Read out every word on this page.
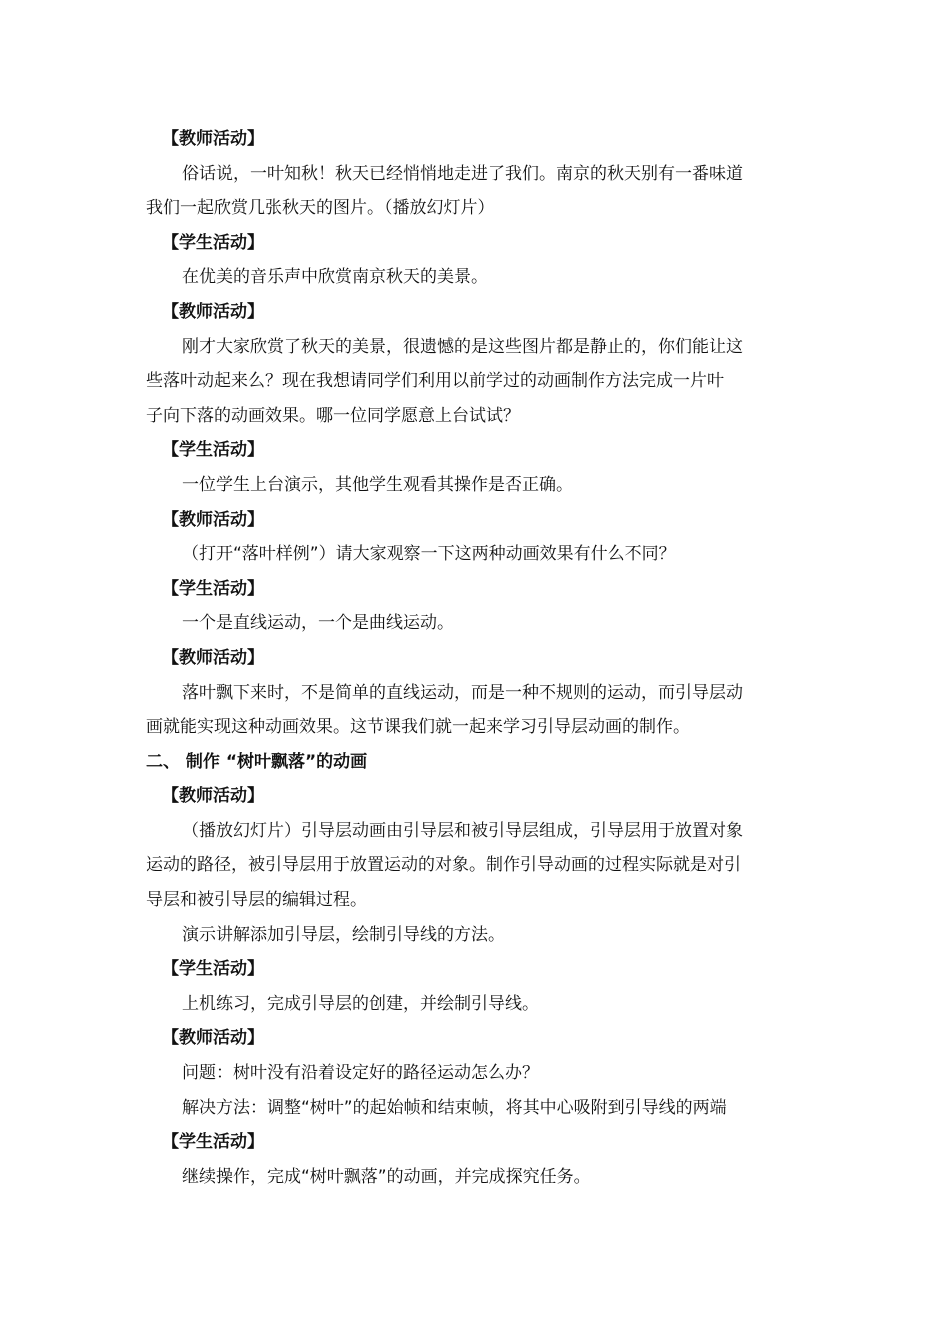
【教师活动】
俗话说，一叶知秋！秋天已经悄悄地走进了我们。南京的秋天别有一番味道
我们一起欣赏几张秋天的图片。（播放幻灯片）
【学生活动】
在优美的音乐声中欣赏南京秋天的美景。
【教师活动】
刚才大家欣赏了秋天的美景，很遗憾的是这些图片都是静止的，你们能让这
些落叶动起来么？现在我想请同学们利用以前学过的动画制作方法完成一片叶
子向下落的动画效果。哪一位同学愿意上台试试？
【学生活动】
一位学生上台演示，其他学生观看其操作是否正确。
【教师活动】
（打开“落叶样例”）请大家观察一下这两种动画效果有什么不同？
【学生活动】
一个是直线运动，一个是曲线运动。
【教师活动】
落叶飘下来时，不是简单的直线运动，而是一种不规则的运动，而引导层动
画就能实现这种动画效果。这节课我们就一起来学习引导层动画的制作。
二、 制作 “树叶飘落”的动画
【教师活动】
（播放幻灯片）引导层动画由引导层和被引导层组成，引导层用于放置对象
运动的路径，被引导层用于放置运动的对象。制作引导动画的过程实际就是对引
导层和被引导层的编辑过程。
演示讲解添加引导层，绘制引导线的方法。
【学生活动】
上机练习，完成引导层的创建，并绘制引导线。
【教师活动】
问题：树叶没有沿着设定好的路径运动怎么办？
解决方法：调整“树叶”的起始帧和结束帧，将其中心吸附到引导线的两端
【学生活动】
继续操作，完成“树叶飘落”的动画，并完成探究任务。
